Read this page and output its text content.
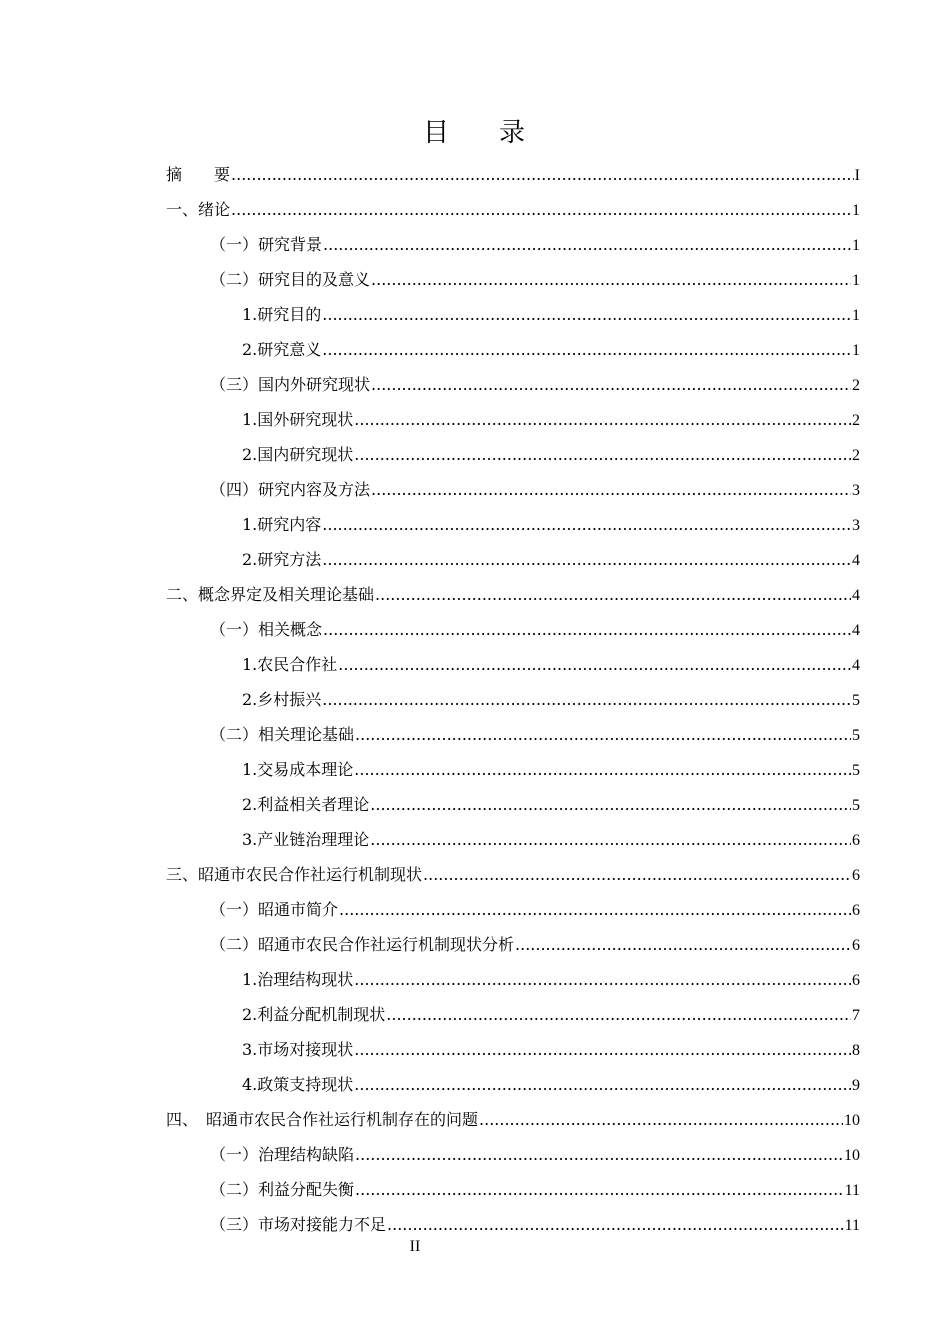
目 录
摘　　要 .....	I
一、绪论 .....	1
（一）研究背景 .....	1
（二）研究目的及意义 .....	1
1.研究目的 .....	1
2.研究意义 .....	1
（三）国内外研究现状 .....	2
1.国外研究现状 .....	2
2.国内研究现状 .....	2
（四）研究内容及方法 .....	3
1.研究内容 .....	3
2.研究方法 .....	4
二、概念界定及相关理论基础 .....	4
（一）相关概念 .....	4
1.农民合作社 .....	4
2.乡村振兴 .....	5
（二）相关理论基础 .....	5
1.交易成本理论 .....	5
2.利益相关者理论 .....	5
3.产业链治理理论 .....	6
三、昭通市农民合作社运行机制现状 .....	6
（一）昭通市简介 .....	6
（二）昭通市农民合作社运行机制现状分析 .....	6
1.治理结构现状 .....	6
2.利益分配机制现状 .....	7
3.市场对接现状 .....	8
4.政策支持现状 .....	9
四、　昭通市农民合作社运行机制存在的问题 .....	10
（一）治理结构缺陷 .....	10
（二）利益分配失衡 .....	11
（三）市场对接能力不足 .....	11
II
